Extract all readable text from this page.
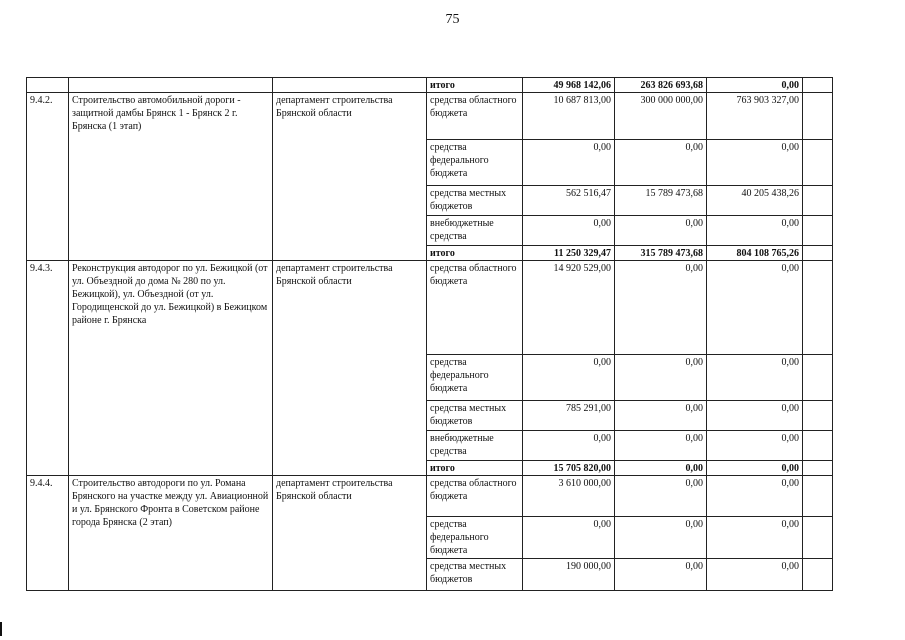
75
			итого	49 968 142,06	263 826 693,68	0,00	
9.4.2.	Строительство автомобильной дороги - защитной дамбы Брянск 1 - Брянск 2 г. Брянска (1 этап)	департамент строительства Брянской области	средства областного бюджета	10 687 813,00	300 000 000,00	763 903 327,00	
			средства федерального бюджета	0,00	0,00	0,00	
			средства местных бюджетов	562 516,47	15 789 473,68	40 205 438,26	
			внебюджетные средства	0,00	0,00	0,00	
			итого	11 250 329,47	315 789 473,68	804 108 765,26	
9.4.3.	Реконструкция автодорог по ул. Бежицкой (от ул. Объездной до дома № 280 по ул. Бежицкой), ул. Объездной (от ул. Городищенской до ул. Бежицкой) в Бежицком районе г. Брянска	департамент строительства Брянской области	средства областного бюджета	14 920 529,00	0,00	0,00	
			средства федерального бюджета	0,00	0,00	0,00	
			средства местных бюджетов	785 291,00	0,00	0,00	
			внебюджетные средства	0,00	0,00	0,00	
			итого	15 705 820,00	0,00	0,00	
9.4.4.	Строительство автодороги по ул. Романа Брянского на участке между ул. Авиационной и ул. Брянского Фронта в Советском районе города Брянска (2 этап)	департамент строительства Брянской области	средства областного бюджета	3 610 000,00	0,00	0,00	
			средства федерального бюджета	0,00	0,00	0,00	
			средства местных бюджетов	190 000,00	0,00	0,00	
